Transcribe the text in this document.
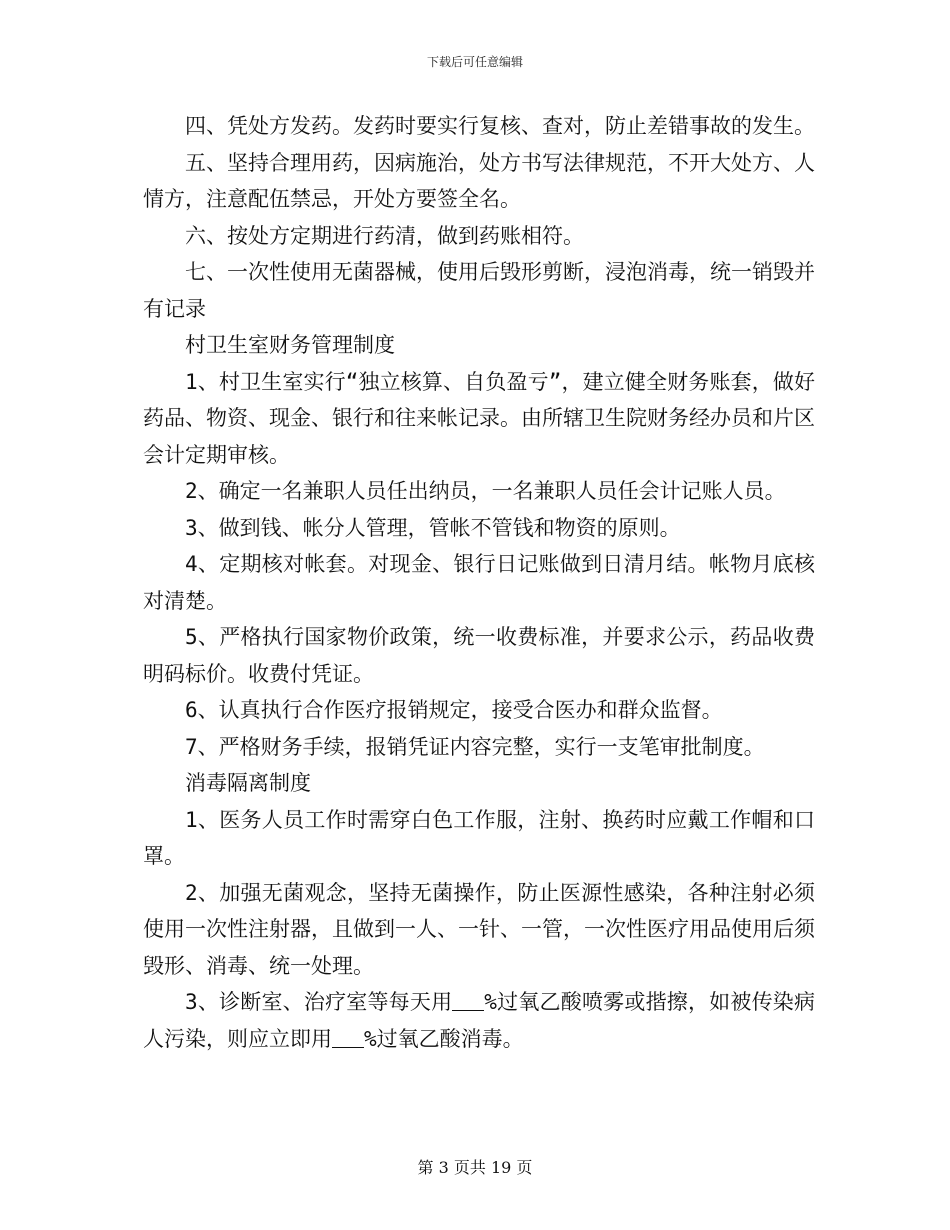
下载后可任意编辑

四、凭处方发药。发药时要实行复核、查对，防止差错事故的发生。

五、坚持合理用药，因病施治，处方书写法律规范，不开大处方、人情方，注意配伍禁忌，开处方要签全名。

六、按处方定期进行药清，做到药账相符。

七、一次性使用无菌器械，使用后毁形剪断，浸泡消毒，统一销毁并有记录

村卫生室财务管理制度

1、村卫生室实行“独立核算、自负盈亏”，建立健全财务账套，做好药品、物资、现金、银行和往来帐记录。由所辖卫生院财务经办员和片区会计定期审核。

2、确定一名兼职人员任出纳员，一名兼职人员任会计记账人员。

3、做到钱、帐分人管理，管帐不管钱和物资的原则。

4、定期核对帐套。对现金、银行日记账做到日清月结。帐物月底核对清楚。

5、严格执行国家物价政策，统一收费标准，并要求公示，药品收费明码标价。收费付凭证。

6、认真执行合作医疗报销规定，接受合医办和群众监督。

7、严格财务手续，报销凭证内容完整，实行一支笔审批制度。

消毒隔离制度

1、医务人员工作时需穿白色工作服，注射、换药时应戴工作帽和口罩。

2、加强无菌观念，坚持无菌操作，防止医源性感染，各种注射必须使用一次性注射器，且做到一人、一针、一管，一次性医疗用品使用后须毁形、消毒、统一处理。

3、诊断室、治疗室等每天用 %过氧乙酸喷雾或揩擦，如被传染病人污染，则应立即用 %过氧乙酸消毒。

第 3 页共 19 页
